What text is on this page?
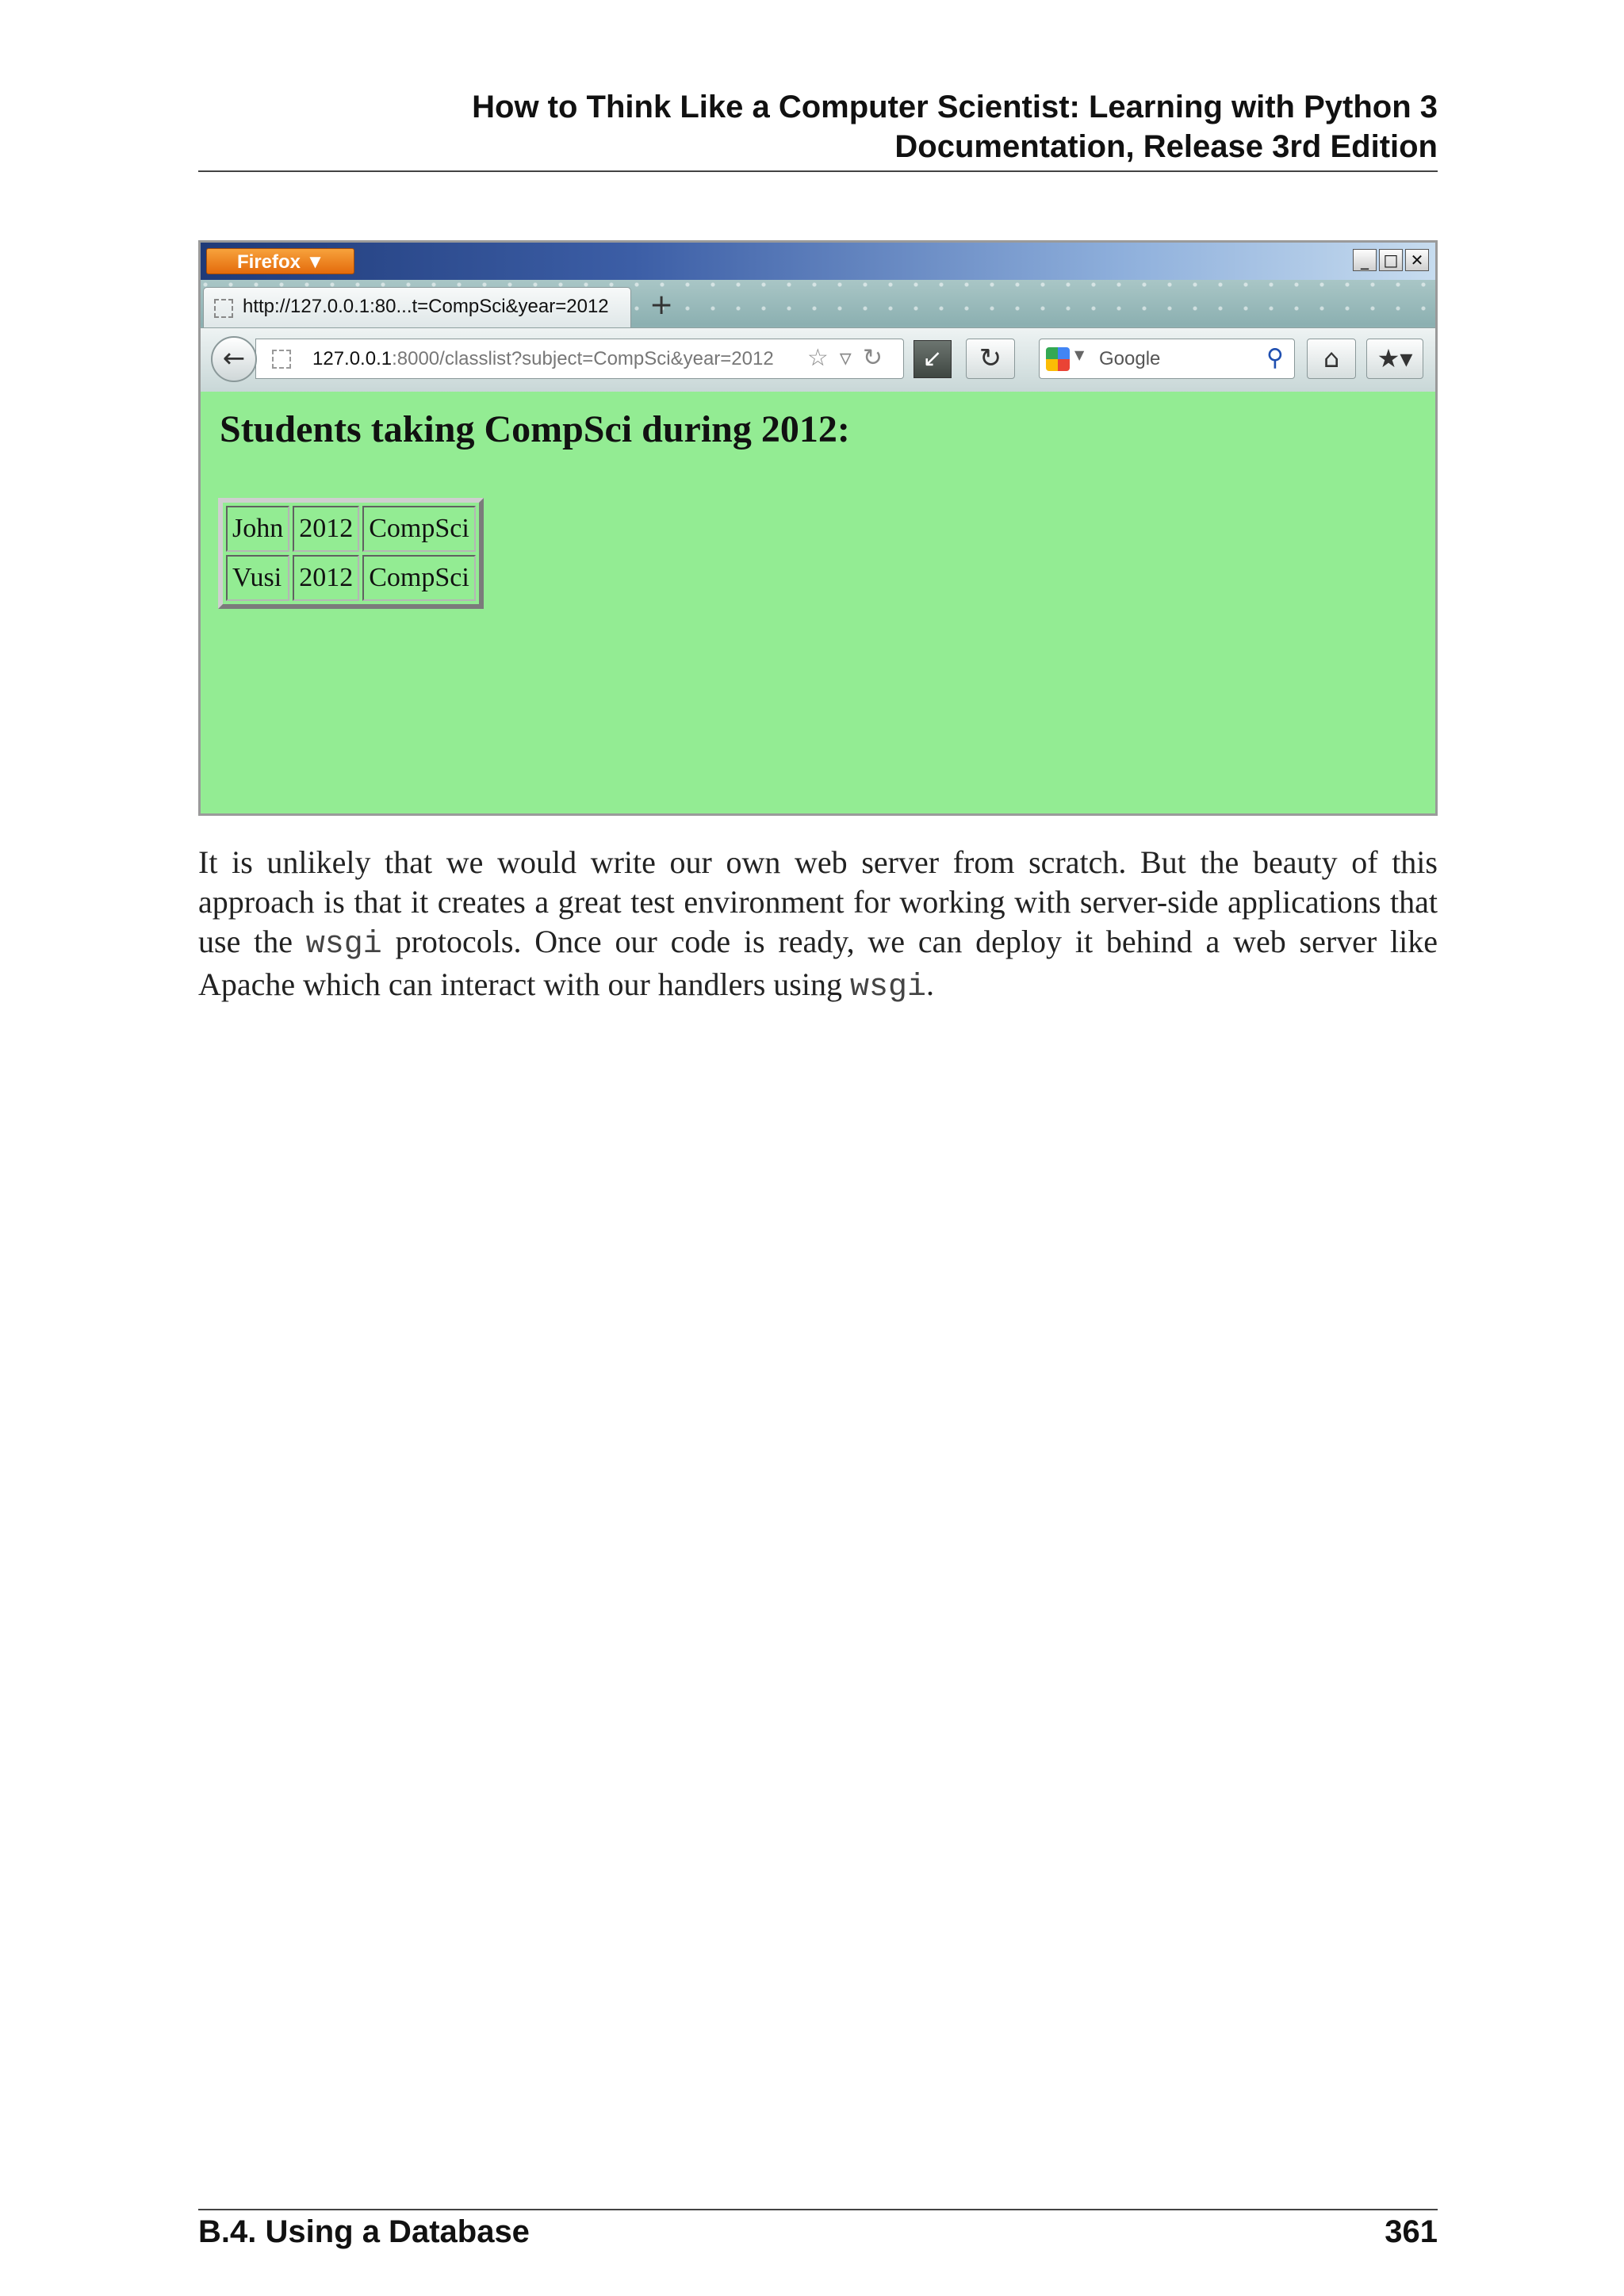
How to Think Like a Computer Scientist: Learning with Python 3
Documentation, Release 3rd Edition
Firefox ▼	_ □ ✕
http://127.0.0.1:80...t=CompSci&year=2012 +
127.0.0.1:8000/classlist?subject=CompSci&year=2012 ☆▿↻
←	↙	↻	▼ Google	⚲	⌂	★▾
Students taking CompSci during 2012:
John	2012	CompSci
Vusi	2012	CompSci

It is unlikely that we would write our own web server from scratch. But the beauty of this approach is that it creates a great test environment for working with server-side applications that use the wsgi protocols. Once our code is ready, we can deploy it behind a web server like Apache which can interact with our handlers using wsgi.

B.4. Using a Database	361
